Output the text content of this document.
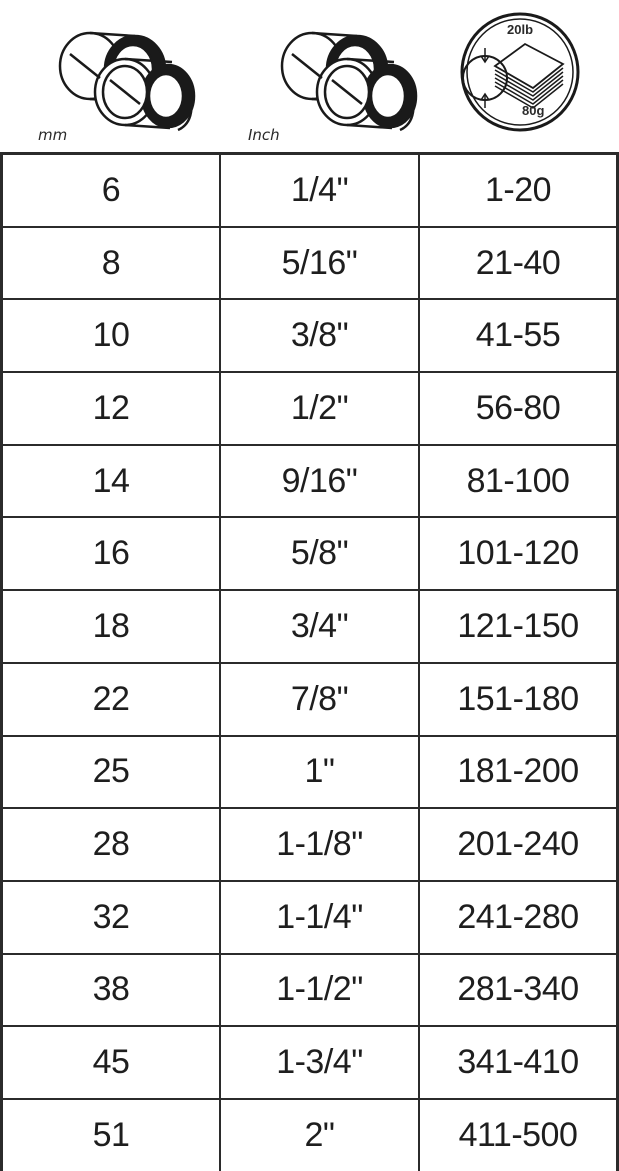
mm	Inch
20lb
80g
6	1/4"	1-20
8	5/16"	21-40
10	3/8"	41-55
12	1/2"	56-80
14	9/16"	81-100
16	5/8"	101-120
18	3/4"	121-150
22	7/8"	151-180
25	1"	181-200
28	1-1/8"	201-240
32	1-1/4"	241-280
38	1-1/2"	281-340
45	1-3/4"	341-410
51	2"	411-500
